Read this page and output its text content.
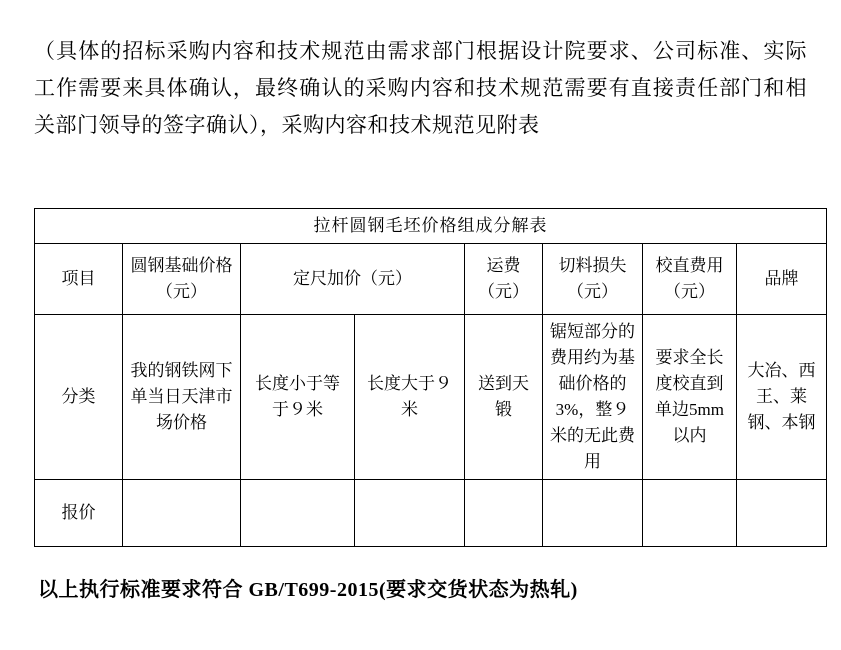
（具体的招标采购内容和技术规范由需求部门根据设计院要求、公司标准、实际工作需要来具体确认，最终确认的采购内容和技术规范需要有直接责任部门和相关部门领导的签字确认），采购内容和技术规范见附表

拉杆圆钢毛坯价格组成分解表							
项目	圆钢基础价格（元）	定尺加价（元）		运费（元）	切料损失（元）	校直费用（元）	品牌
分类	我的钢铁网下单当日天津市场价格	长度小于等于９米	长度大于９米	送到天锻	锯短部分的费用约为基础价格的3%，整９米的无此费用	要求全长度校直到单边5mm以内	大冶、西王、莱钢、本钢
报价							

以上执行标准要求符合 GB/T699-2015(要求交货状态为热轧)
